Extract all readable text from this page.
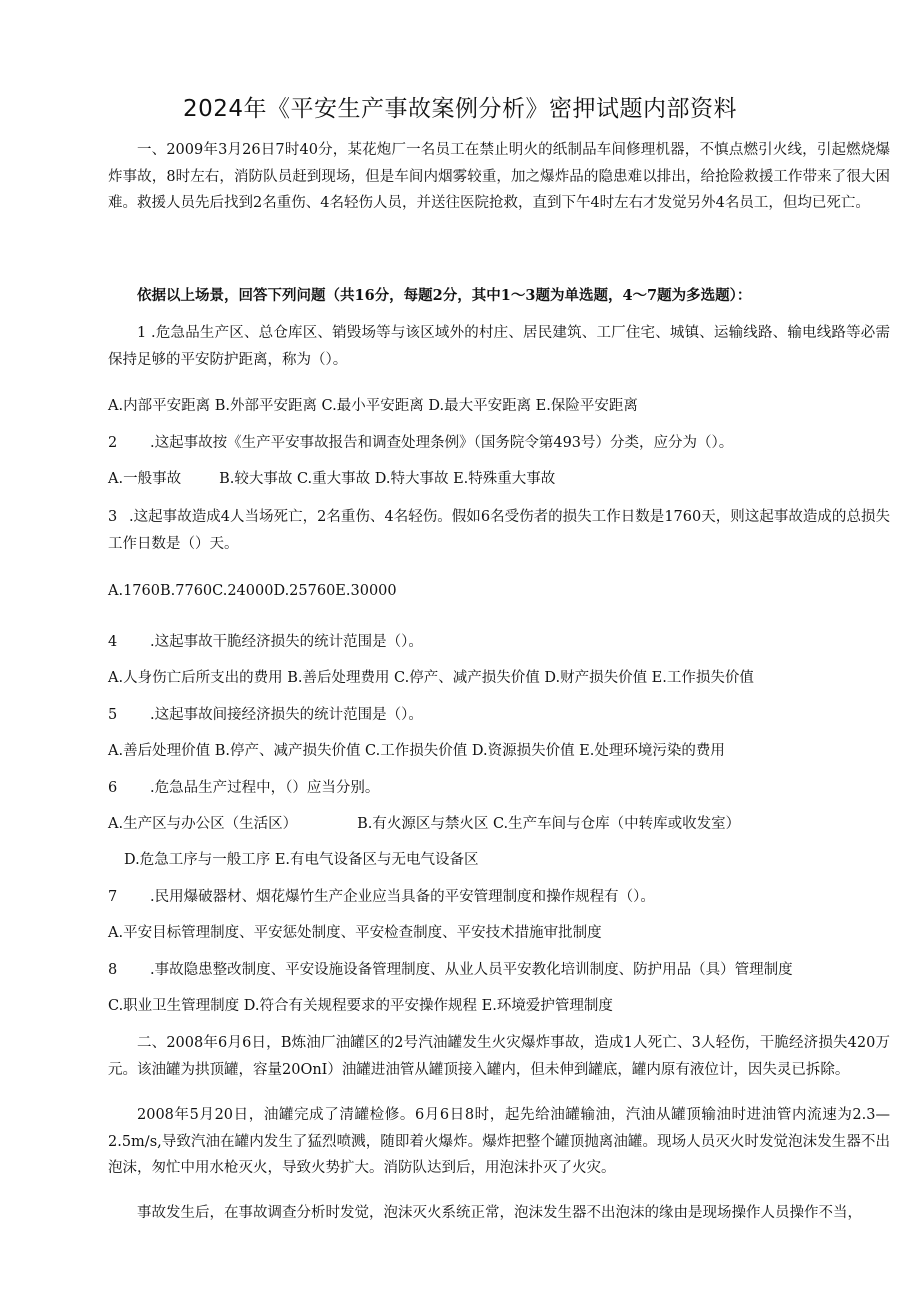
2024年《平安生产事故案例分析》密押试题内部资料

一、2009年3月26日7时40分，某花炮厂一名员工在禁止明火的纸制品车间修理机器，不慎点燃引火线，引起燃烧爆炸事故，8时左右，消防队员赶到现场，但是车间内烟雾较重，加之爆炸品的隐患难以排出，给抢险救援工作带来了很大困难。救援人员先后找到2名重伤、4名轻伤人员，并送往医院抢救，直到下午4时左右才发觉另外4名员工，但均已死亡。

依据以上场景，回答下列问题（共16分，每题2分，其中1～3题为单选题，4～7题为多选题）：

1 .危急品生产区、总仓库区、销毁场等与该区域外的村庄、居民建筑、工厂住宅、城镇、运输线路、输电线路等必需保持足够的平安防护距离，称为（）。

A.内部平安距离 B.外部平安距离 C.最小平安距离 D.最大平安距离 E.保险平安距离

2 .这起事故按《生产平安事故报告和调查处理条例》（国务院令第493号）分类，应分为（）。

A.一般事故	B.较大事故 C.重大事故 D.特大事故 E.特殊重大事故

3 .这起事故造成4人当场死亡，2名重伤、4名轻伤。假如6名受伤者的损失工作日数是1760天，则这起事故造成的总损失工作日数是（）天。

A.1760B.7760C.24000D.25760E.30000

4 .这起事故干脆经济损失的统计范围是（）。

A.人身伤亡后所支出的费用 B.善后处理费用 C.停产、减产损失价值 D.财产损失价值 E.工作损失价值

5 .这起事故间接经济损失的统计范围是（）。

A.善后处理价值 B.停产、减产损失价值 C.工作损失价值 D.资源损失价值 E.处理环境污染的费用

6 .危急品生产过程中，（）应当分别。

A.生产区与办公区（生活区）	B.有火源区与禁火区 C.生产车间与仓库（中转库或收发室）

D.危急工序与一般工序 E.有电气设备区与无电气设备区

7 .民用爆破器材、烟花爆竹生产企业应当具备的平安管理制度和操作规程有（）。

A.平安目标管理制度、平安惩处制度、平安检查制度、平安技术措施审批制度

8 .事故隐患整改制度、平安设施设备管理制度、从业人员平安教化培训制度、防护用品（具）管理制度

C.职业卫生管理制度 D.符合有关规程要求的平安操作规程 E.环境爱护管理制度

二、2008年6月6日，B炼油厂油罐区的2号汽油罐发生火灾爆炸事故，造成1人死亡、3人轻伤，干脆经济损失420万元。该油罐为拱顶罐，容量20OnI）油罐进油管从罐顶接入罐内，但未伸到罐底，罐内原有液位计，因失灵已拆除。

2008年5月20日，油罐完成了清罐检修。6月6日8时，起先给油罐输油，汽油从罐顶输油时进油管内流速为2.3—2.5m∕s,导致汽油在罐内发生了猛烈喷溅，随即着火爆炸。爆炸把整个罐顶抛离油罐。现场人员灭火时发觉泡沫发生器不出泡沫，匆忙中用水枪灭火，导致火势扩大。消防队达到后，用泡沫扑灭了火灾。

事故发生后，在事故调查分析时发觉，泡沫灭火系统正常，泡沫发生器不出泡沫的缘由是现场操作人员操作不当，
